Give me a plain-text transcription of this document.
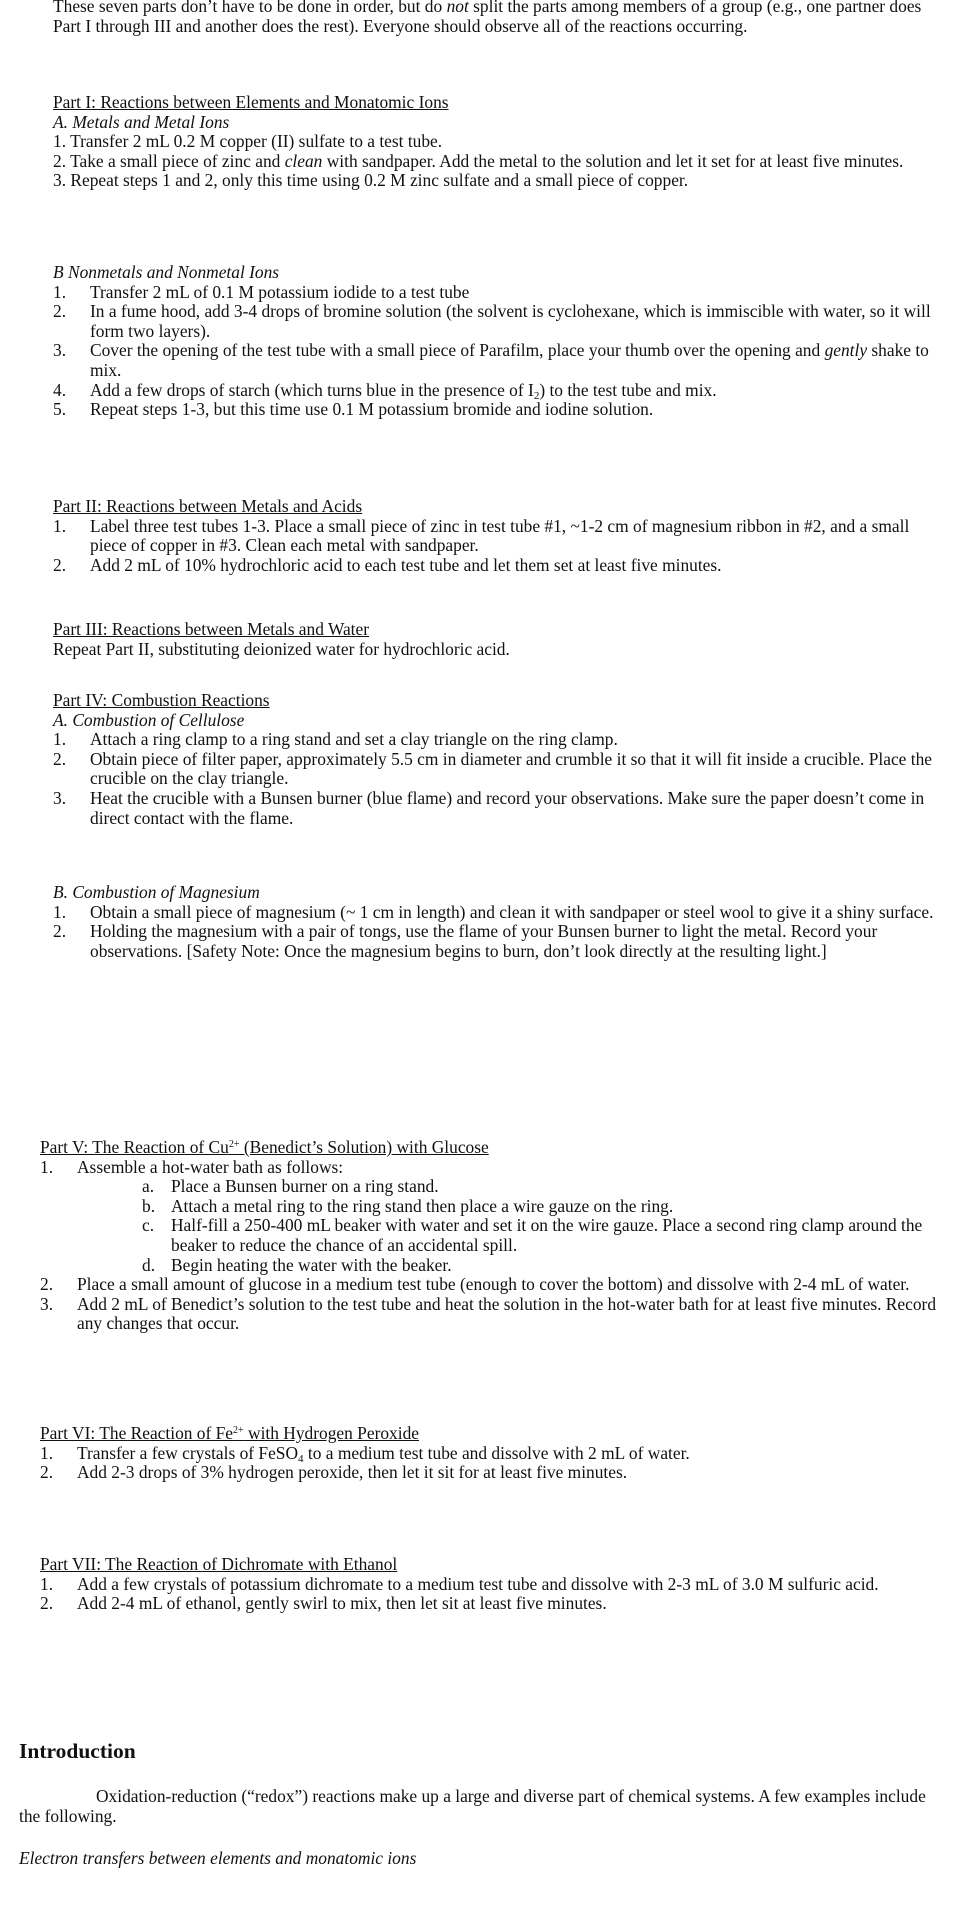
These seven parts don’t have to be done in order, but do not split the parts among members of a group (e.g., one partner does Part I through III and another does the rest). Everyone should observe all of the reactions occurring.

Part I: Reactions between Elements and Monatomic Ions

A. Metals and Metal Ions

1. Transfer 2 mL 0.2 M copper (II) sulfate to a test tube.

2. Take a small piece of zinc and clean with sandpaper. Add the metal to the solution and let it set for at least five minutes.

3. Repeat steps 1 and 2, only this time using 0.2 M zinc sulfate and a small piece of copper.

B Nonmetals and Nonmetal Ions

1. Transfer 2 mL of 0.1 M potassium iodide to a test tube
2. In a fume hood, add 3-4 drops of bromine solution (the solvent is cyclohexane, which is immiscible with water, so it will form two layers).
3. Cover the opening of the test tube with a small piece of Parafilm, place your thumb over the opening and gently shake to mix.
4. Add a few drops of starch (which turns blue in the presence of $I_2$) to the test tube and mix.
5. Repeat steps 1-3, but this time use 0.1 M potassium bromide and iodine solution.

Part II: Reactions between Metals and Acids

1. Label three test tubes 1-3. Place a small piece of zinc in test tube #1, ~1-2 cm of magnesium ribbon in #2, and a small piece of copper in #3. Clean each metal with sandpaper.
2. Add 2 mL of 10% hydrochloric acid to each test tube and let them set at least five minutes.

Part III: Reactions between Metals and Water

Repeat Part II, substituting deionized water for hydrochloric acid.

Part IV: Combustion Reactions

A. Combustion of Cellulose

1. Attach a ring clamp to a ring stand and set a clay triangle on the ring clamp.
2. Obtain piece of filter paper, approximately 5.5 cm in diameter and crumble it so that it will fit inside a crucible. Place the crucible on the clay triangle.
3. Heat the crucible with a Bunsen burner (blue flame) and record your observations. Make sure the paper doesn’t come in direct contact with the flame.

B. Combustion of Magnesium

1. Obtain a small piece of magnesium (~ 1 cm in length) and clean it with sandpaper or steel wool to give it a shiny surface.
2. Holding the magnesium with a pair of tongs, use the flame of your Bunsen burner to light the metal. Record your observations. [Safety Note: Once the magnesium begins to burn, don’t look directly at the resulting light.]

Part V: The Reaction of $Cu^{2+}$ (Benedict’s Solution) with Glucose

1. Assemble a hot-water bath as follows:
a. Place a Bunsen burner on a ring stand.
b. Attach a metal ring to the ring stand then place a wire gauze on the ring.
c. Half-fill a 250-400 mL beaker with water and set it on the wire gauze. Place a second ring clamp around the beaker to reduce the chance of an accidental spill.
d. Begin heating the water with the beaker.
2. Place a small amount of glucose in a medium test tube (enough to cover the bottom) and dissolve with 2-4 mL of water.
3. Add 2 mL of Benedict’s solution to the test tube and heat the solution in the hot-water bath for at least five minutes. Record any changes that occur.

Part VI: The Reaction of $Fe^{2+}$ with Hydrogen Peroxide

1. Transfer a few crystals of FeSO$_4$ to a medium test tube and dissolve with 2 mL of water.
2. Add 2-3 drops of 3% hydrogen peroxide, then let it sit for at least five minutes.

Part VII: The Reaction of Dichromate with Ethanol

1. Add a few crystals of potassium dichromate to a medium test tube and dissolve with 2-3 mL of 3.0 M sulfuric acid.
2. Add 2-4 mL of ethanol, gently swirl to mix, then let sit at least five minutes.
Introduction

Oxidation-reduction (“redox”) reactions make up a large and diverse part of chemical systems. A few examples include the following.

Electron transfers between elements and monatomic ions
